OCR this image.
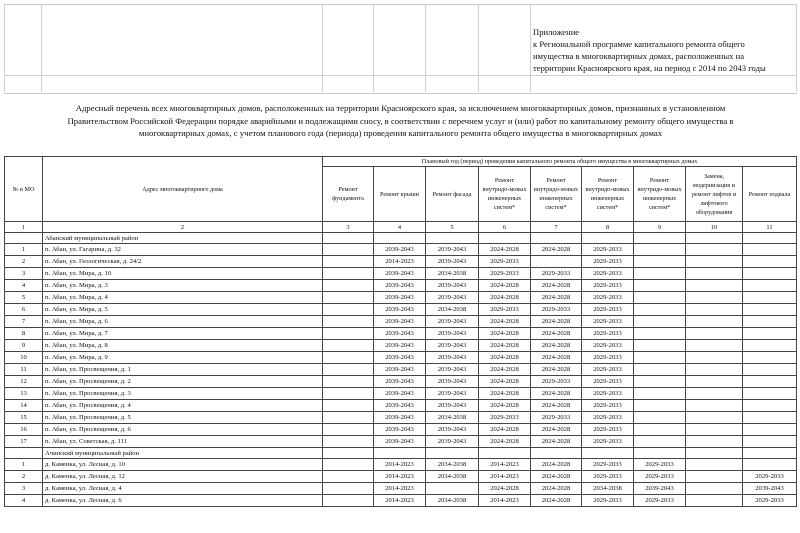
Приложение
к Региональной программе капитального ремонта общего
имущества в многоквартирных домах, расположенных на
территории Красноярского края, на период с 2014 по 2043 годы
Адресный перечень всех многоквартирных домов, расположенных на территории Красноярского края, за исключением многоквартирных домов, признанных в установленном
Правительством Российской Федерации порядке аварийными и подлежащими сносу, в соответствии с перечнем услуг и (или) работ по капитальному ремонту общего имущества в
многоквартирных домах, с учетом планового года (периода) проведения капитального ремонта общего имущества в многоквартирных домах
№ в МО	Адрес многоквартирного дома	Плановый год (период) проведения капитального ремонта общего имущества в многоквартирных домах								
		Ремонт фундамента	Ремонт крыши	Ремонт фасада	Ремонт внутридо-мовых инженерных систем*	Ремонт внутридо-мовых инженерных систем*	Ремонт внутридо-мовых инженерных систем*	Ремонт внутридо-мовых инженерных систем*	Замена, модернизация и ремонт лифтов и лифтового оборудования	Ремонт подвала
1	2	3	4	5	6	7	8	9	10	11
	Абанский муниципальный район									
1	п. Абан, ул. Гагарина, д. 32		2039-2043	2039-2043	2024-2028	2024-2028	2029-2033			
2	п. Абан, ул. Геологическая, д. 24/2		2014-2023	2039-2043	2029-2033		2029-2033			
3	п. Абан, ул. Мира, д. 10		2039-2043	2034-2038	2029-2033	2029-2033	2029-2033			
4	п. Абан, ул. Мира, д. 3		2039-2043	2039-2043	2024-2028	2024-2028	2029-2033			
5	п. Абан, ул. Мира, д. 4		2039-2043	2039-2043	2024-2028	2024-2028	2029-2033			
6	п. Абан, ул. Мира, д. 5		2039-2043	2034-2038	2029-2033	2029-2033	2029-2033			
7	п. Абан, ул. Мира, д. 6		2039-2043	2039-2043	2024-2028	2024-2028	2029-2033			
8	п. Абан, ул. Мира, д. 7		2039-2043	2039-2043	2024-2028	2024-2028	2029-2033			
9	п. Абан, ул. Мира, д. 8		2039-2043	2039-2043	2024-2028	2024-2028	2029-2033			
10	п. Абан, ул. Мира, д. 9		2039-2043	2039-2043	2024-2028	2024-2028	2029-2033			
11	п. Абан, ул. Просвещения, д. 1		2039-2043	2039-2043	2024-2028	2024-2028	2029-2033			
12	п. Абан, ул. Просвещения, д. 2		2039-2043	2039-2043	2024-2028	2029-2033	2029-2033			
13	п. Абан, ул. Просвещения, д. 3		2039-2043	2039-2043	2024-2028	2024-2028	2029-2033			
14	п. Абан, ул. Просвещения, д. 4		2039-2043	2039-2043	2024-2028	2024-2028	2029-2033			
15	п. Абан, ул. Просвещения, д. 5		2039-2043	2034-2038	2029-2033	2029-2033	2029-2033			
16	п. Абан, ул. Просвещения, д. 6		2039-2043	2039-2043	2024-2028	2024-2028	2029-2033			
17	п. Абан, ул. Советская, д. 111		2039-2043	2039-2043	2024-2028	2024-2028	2029-2033			
	Ачинский муниципальный район									
1	д. Каменка, ул. Лесная, д. 10		2014-2023	2034-2038	2014-2023	2024-2028	2029-2033	2029-2033		
2	д. Каменка, ул. Лесная, д. 12		2014-2023	2034-2038	2014-2023	2024-2028	2029-2033	2029-2033		2029-2033
3	д. Каменка, ул. Лесная, д. 4		2014-2023		2024-2028	2024-2028	2034-2038	2039-2043		2039-2043
4	д. Каменка, ул. Лесная, д. 6		2014-2023	2034-2038	2014-2023	2024-2028	2029-2033	2029-2033		2029-2033
